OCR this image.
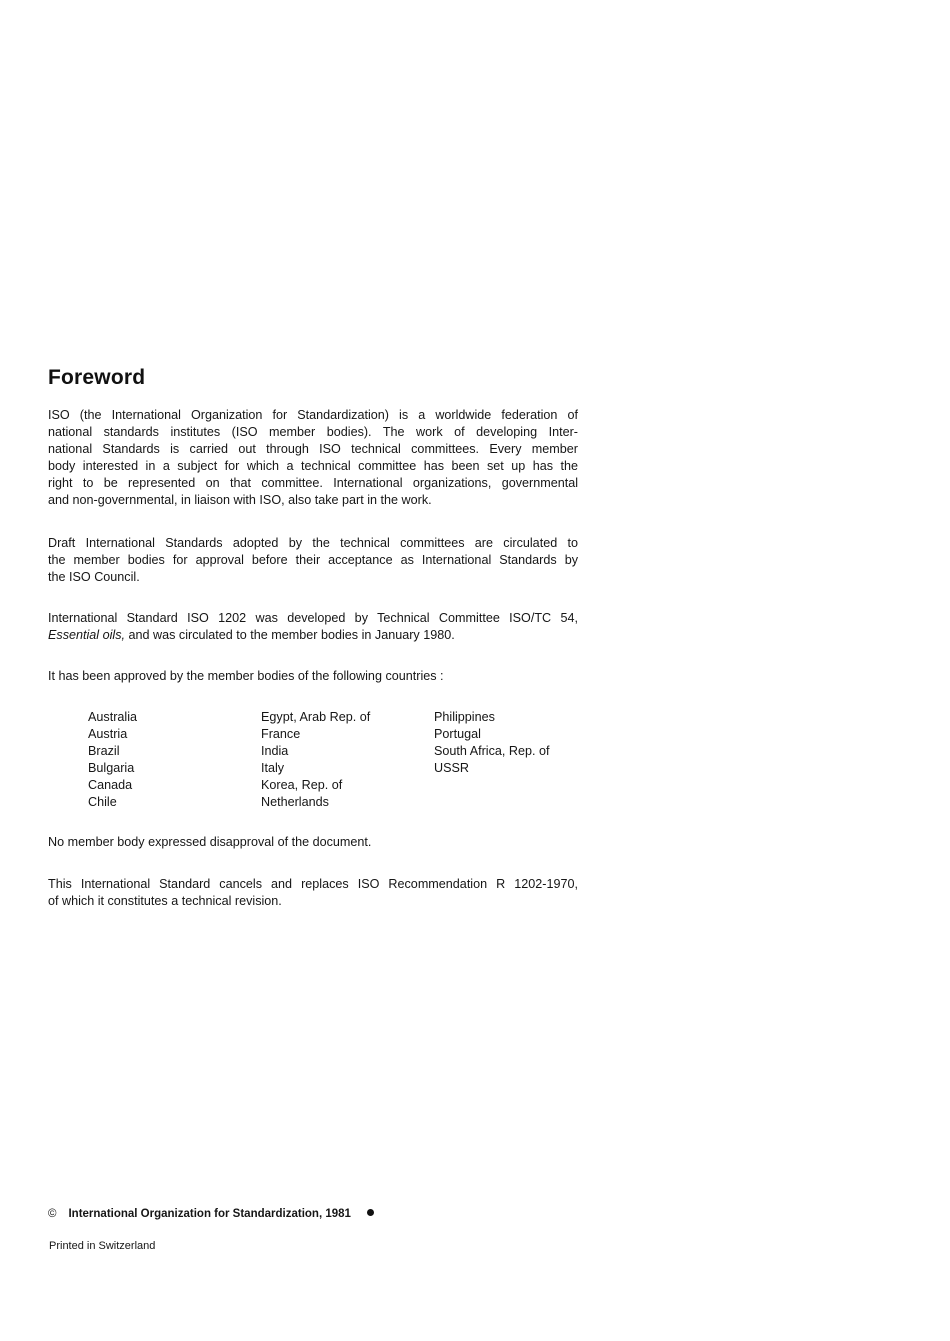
Foreword

ISO (the International Organization for Standardization) is a worldwide federation of
national standards institutes (ISO member bodies). The work of developing Inter-
national Standards is carried out through ISO technical committees. Every member
body interested in a subject for which a technical committee has been set up has the
right to be represented on that committee. International organizations, governmental
and non-governmental, in liaison with ISO, also take part in the work.

Draft International Standards adopted by the technical committees are circulated to
the member bodies for approval before their acceptance as International Standards by
the ISO Council.

International Standard ISO 1202 was developed by Technical Committee ISO/TC 54,
Essential oils, and was circulated to the member bodies in January 1980.

It has been approved by the member bodies of the following countries :

Australia
Austria
Brazil
Bulgaria
Canada
Chile
Egypt, Arab Rep. of
France
India
Italy
Korea, Rep. of
Netherlands
Philippines
Portugal
South Africa, Rep. of
USSR

No member body expressed disapproval of the document.

This International Standard cancels and replaces ISO Recommendation R 1202-1970,
of which it constitutes a technical revision.

© International Organization for Standardization, 1981
Printed in Switzerland
